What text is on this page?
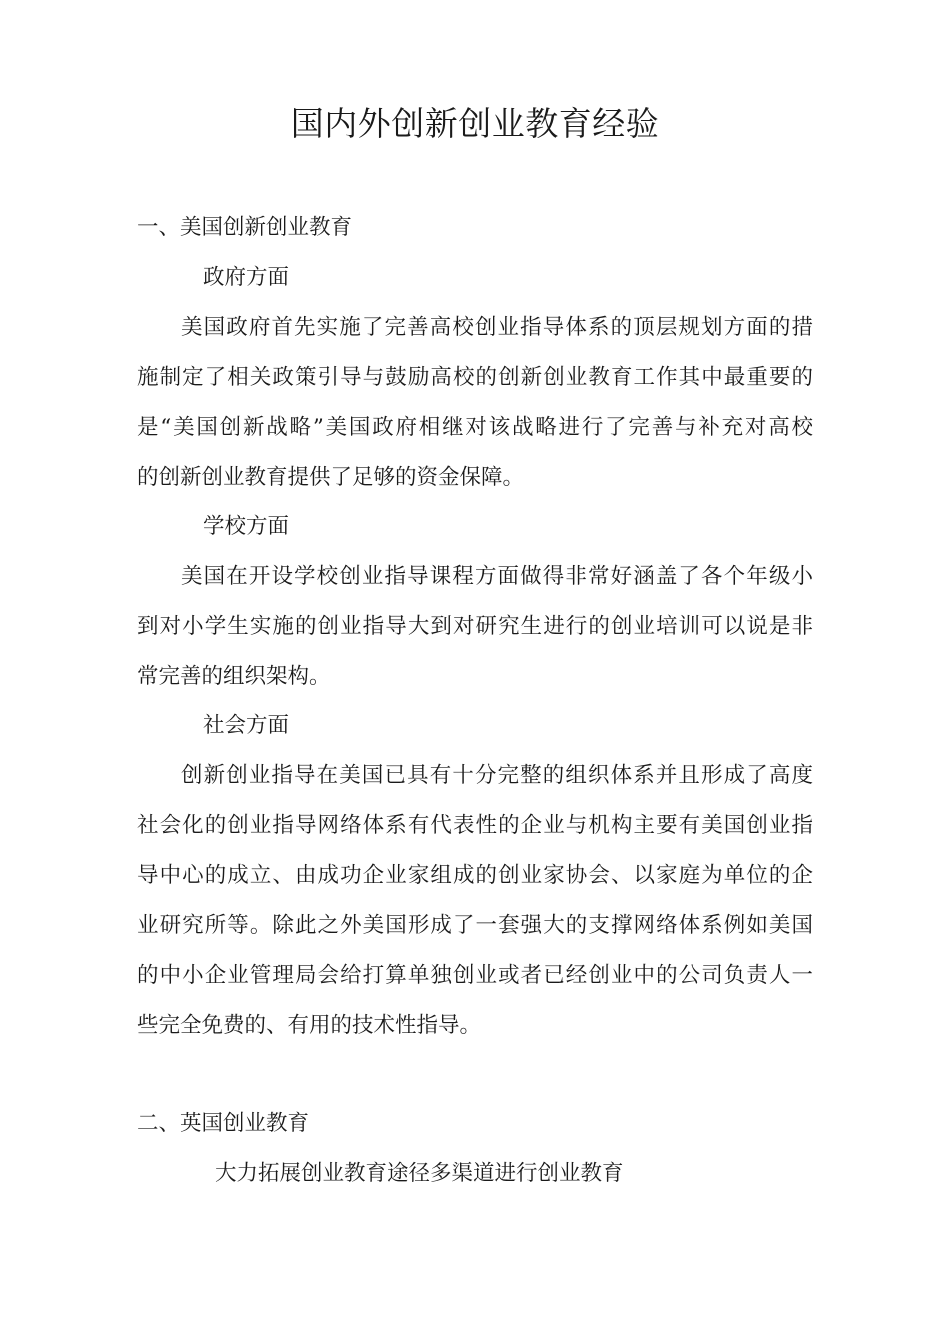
国内外创新创业教育经验

一、美国创新创业教育

政府方面

美国政府首先实施了完善高校创业指导体系的顶层规划方面的措
施制定了相关政策引导与鼓励高校的创新创业教育工作其中最重要的
是“美国创新战略”美国政府相继对该战略进行了完善与补充对高校
的创新创业教育提供了足够的资金保障。

学校方面

美国在开设学校创业指导课程方面做得非常好涵盖了各个年级小
到对小学生实施的创业指导大到对研究生进行的创业培训可以说是非
常完善的组织架构。

社会方面

创新创业指导在美国已具有十分完整的组织体系并且形成了高度
社会化的创业指导网络体系有代表性的企业与机构主要有美国创业指
导中心的成立、由成功企业家组成的创业家协会、以家庭为单位的企
业研究所等。除此之外美国形成了一套强大的支撑网络体系例如美国
的中小企业管理局会给打算单独创业或者已经创业中的公司负责人一
些完全免费的、有用的技术性指导。

二、英国创业教育

大力拓展创业教育途径多渠道进行创业教育
